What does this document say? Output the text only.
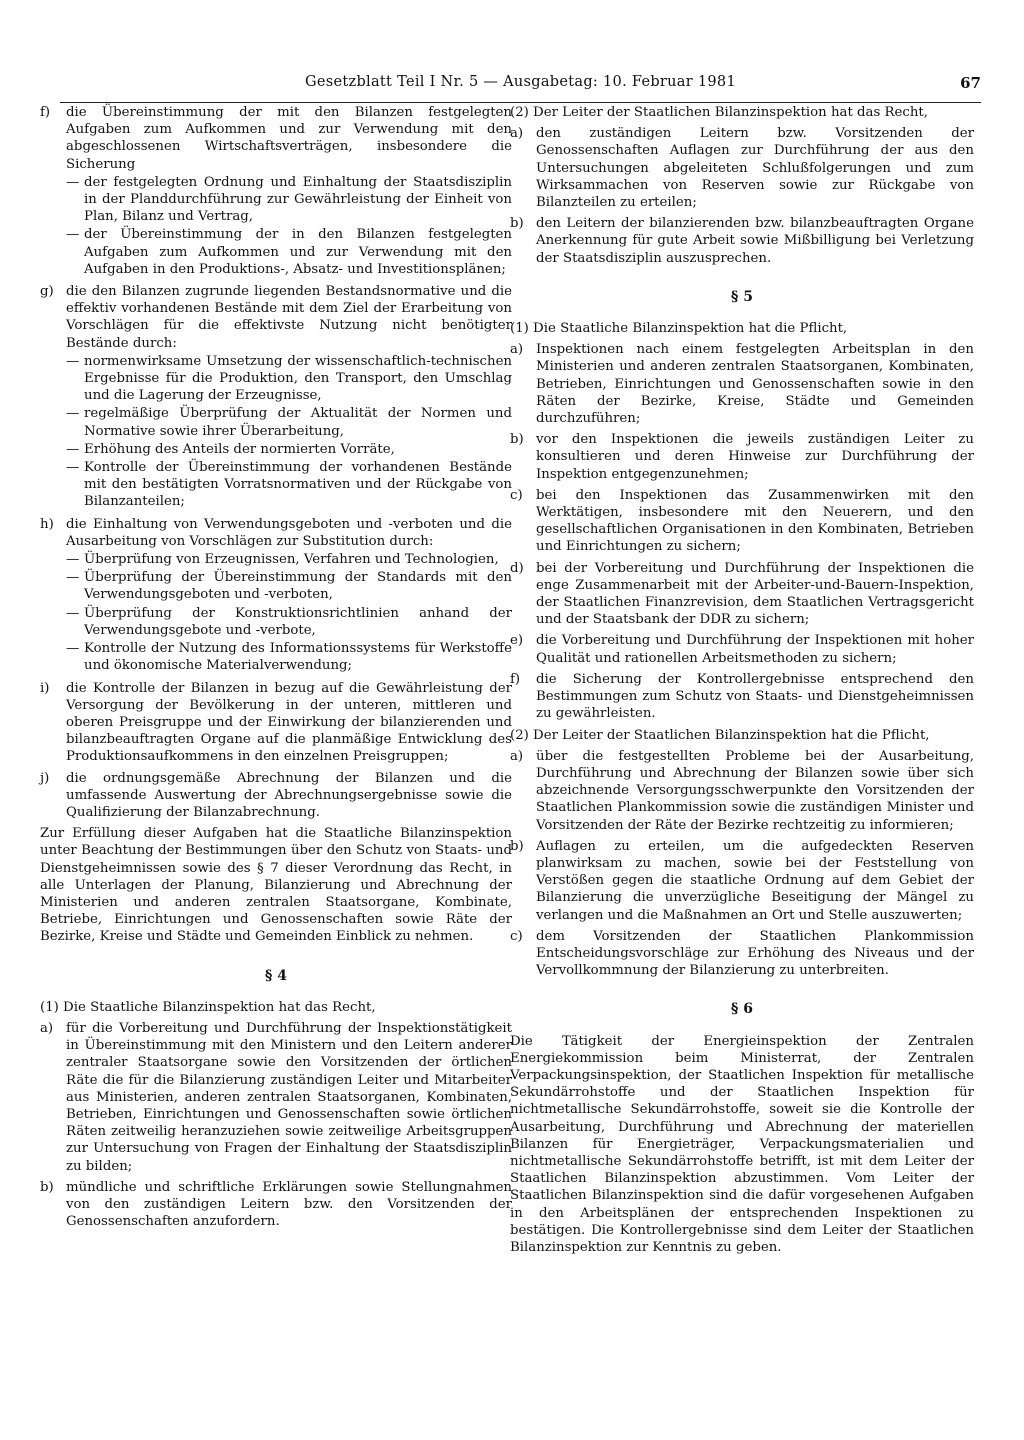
Gesetzblatt Teil I Nr. 5 — Ausgabetag: 10. Februar 1981	67
f)	die Übereinstimmung der mit den Bilanzen festgelegten Aufgaben zum Aufkommen und zur Verwendung mit den abgeschlossenen Wirtschaftsverträgen, insbesondere die Sicherung
— der festgelegten Ordnung und Einhaltung der Staatsdisziplin in der Planddurchführung zur Gewährleistung der Einheit von Plan, Bilanz und Vertrag,
— der Übereinstimmung der in den Bilanzen festgelegten Aufgaben zum Aufkommen und zur Verwendung mit den Aufgaben in den Produktions-, Absatz- und Investitionsplänen;
g) die den Bilanzen zugrunde liegenden Bestandsnormative und die effektiv vorhandenen Bestände mit dem Ziel der Erarbeitung von Vorschlägen für die effektivste Nutzung nicht benötigter Bestände durch:
— normenwirksame Umsetzung der wissenschaftlich-technischen Ergebnisse für die Produktion, den Transport, den Umschlag und die Lagerung der Erzeugnisse,
— regelmäßige Überprüfung der Aktualität der Normen und Normative sowie ihrer Überarbeitung,
— Erhöhung des Anteils der normierten Vorräte,
— Kontrolle der Übereinstimmung der vorhandenen Bestände mit den bestätigten Vorratsnormativen und der Rückgabe von Bilanzanteilen;
h) die Einhaltung von Verwendungsgeboten und -verboten und die Ausarbeitung von Vorschlägen zur Substitution durch:
— Überprüfung von Erzeugnissen, Verfahren und Technologien,
— Überprüfung der Übereinstimmung der Standards mit den Verwendungsgeboten und -verboten,
— Überprüfung der Konstruktionsrichtlinien anhand der Verwendungsgebote und -verbote,
— Kontrolle der Nutzung des Informationssystems für Werkstoffe und ökonomische Materialverwendung;
i)	die Kontrolle der Bilanzen in bezug auf die Gewährleistung der Versorgung der Bevölkerung in der unteren, mittleren und oberen Preisgruppe und der Einwirkung der bilanzierenden und bilanzbeauftragten Organe auf die planmäßige Entwicklung des Produktionsaufkommens in den einzelnen Preisgruppen;
j)	die ordnungsgemäße Abrechnung der Bilanzen und die umfassende Auswertung der Abrechnungsergebnisse sowie die Qualifizierung der Bilanzabrechnung.
Zur Erfüllung dieser Aufgaben hat die Staatliche Bilanzinspektion unter Beachtung der Bestimmungen über den Schutz von Staats- und Dienstgeheimnissen sowie des § 7 dieser Verordnung das Recht, in alle Unterlagen der Planung, Bilanzierung und Abrechnung der Ministerien und anderen zentralen Staatsorgane, Kombinate, Betriebe, Einrichtungen und Genossenschaften sowie Räte der Bezirke, Kreise und Städte und Gemeinden Einblick zu nehmen.
§ 4
(1) Die Staatliche Bilanzinspektion hat das Recht,
a) für die Vorbereitung und Durchführung der Inspektionstätigkeit in Übereinstimmung mit den Ministern und den Leitern anderer zentraler Staatsorgane sowie den Vorsitzenden der örtlichen Räte die für die Bilanzierung zuständigen Leiter und Mitarbeiter aus Ministerien, anderen zentralen Staatsorganen, Kombinaten, Betrieben, Einrichtungen und Genossenschaften sowie örtlichen Räten zeitweilig heranzuziehen sowie zeitweilige Arbeitsgruppen zur Untersuchung von Fragen der Einhaltung der Staatsdisziplin zu bilden;
b) mündliche und schriftliche Erklärungen sowie Stellungnahmen von den zuständigen Leitern bzw. den Vorsitzenden der Genossenschaften anzufordern.
(2) Der Leiter der Staatlichen Bilanzinspektion hat das Recht,
a) den zuständigen Leitern bzw. Vorsitzenden der Genossenschaften Auflagen zur Durchführung der aus den Untersuchungen abgeleiteten Schlußfolgerungen und zum Wirksammachen von Reserven sowie zur Rückgabe von Bilanzteilen zu erteilen;
b) den Leitern der bilanzierenden bzw. bilanzbeauftragten Organe Anerkennung für gute Arbeit sowie Mißbilligung bei Verletzung der Staatsdisziplin auszusprechen.
§ 5
(1) Die Staatliche Bilanzinspektion hat die Pflicht,
a) Inspektionen nach einem festgelegten Arbeitsplan in den Ministerien und anderen zentralen Staatsorganen, Kombinaten, Betrieben, Einrichtungen und Genossenschaften sowie in den Räten der Bezirke, Kreise, Städte und Gemeinden durchzuführen;
b) vor den Inspektionen die jeweils zuständigen Leiter zu konsultieren und deren Hinweise zur Durchführung der Inspektion entgegenzunehmen;
c)	bei den Inspektionen das Zusammenwirken mit den Werktätigen, insbesondere mit den Neuerern, und den gesellschaftlichen Organisationen in den Kombinaten, Betrieben und Einrichtungen zu sichern;
d) bei der Vorbereitung und Durchführung der Inspektionen die enge Zusammenarbeit mit der Arbeiter-und-Bauern-Inspektion, der Staatlichen Finanzrevision, dem Staatlichen Vertragsgericht und der Staatsbank der DDR zu sichern;
e) die Vorbereitung und Durchführung der Inspektionen mit hoher Qualität und rationellen Arbeitsmethoden zu sichern;
f)	die Sicherung der Kontrollergebnisse entsprechend den Bestimmungen zum Schutz von Staats- und Dienstgeheimnissen zu gewährleisten.
(2) Der Leiter der Staatlichen Bilanzinspektion hat die Pflicht,
a) über die festgestellten Probleme bei der Ausarbeitung, Durchführung und Abrechnung der Bilanzen sowie über sich abzeichnende Versorgungsschwerpunkte den Vorsitzenden der Staatlichen Plankommission sowie die zuständigen Minister und Vorsitzenden der Räte der Bezirke rechtzeitig zu informieren;
b) Auflagen zu erteilen, um die aufgedeckten Reserven planwirksam zu machen, sowie bei der Feststellung von Verstößen gegen die staatliche Ordnung auf dem Gebiet der Bilanzierung die unverzügliche Beseitigung der Mängel zu verlangen und die Maßnahmen an Ort und Stelle auszuwerten;
c)	dem Vorsitzenden der Staatlichen Plankommission Entscheidungsvorschläge zur Erhöhung des Niveaus und der Vervollkommnung der Bilanzierung zu unterbreiten.
§ 6
Die Tätigkeit der Energieinspektion der Zentralen Energiekommission beim Ministerrat, der Zentralen Verpackungsinspektion, der Staatlichen Inspektion für metallische Sekundärrohstoffe und der Staatlichen Inspektion für nichtmetallische Sekundärrohstoffe, soweit sie die Kontrolle der Ausarbeitung, Durchführung und Abrechnung der materiellen Bilanzen für Energieträger, Verpackungsmaterialien und nichtmetallische Sekundärrohstoffe betrifft, ist mit dem Leiter der Staatlichen Bilanzinspektion abzustimmen. Vom Leiter der Staatlichen Bilanzinspektion sind die dafür vorgesehenen Aufgaben in den Arbeitsplänen der entsprechenden Inspektionen zu bestätigen. Die Kontrollergebnisse sind dem Leiter der Staatlichen Bilanzinspektion zur Kenntnis zu geben.
